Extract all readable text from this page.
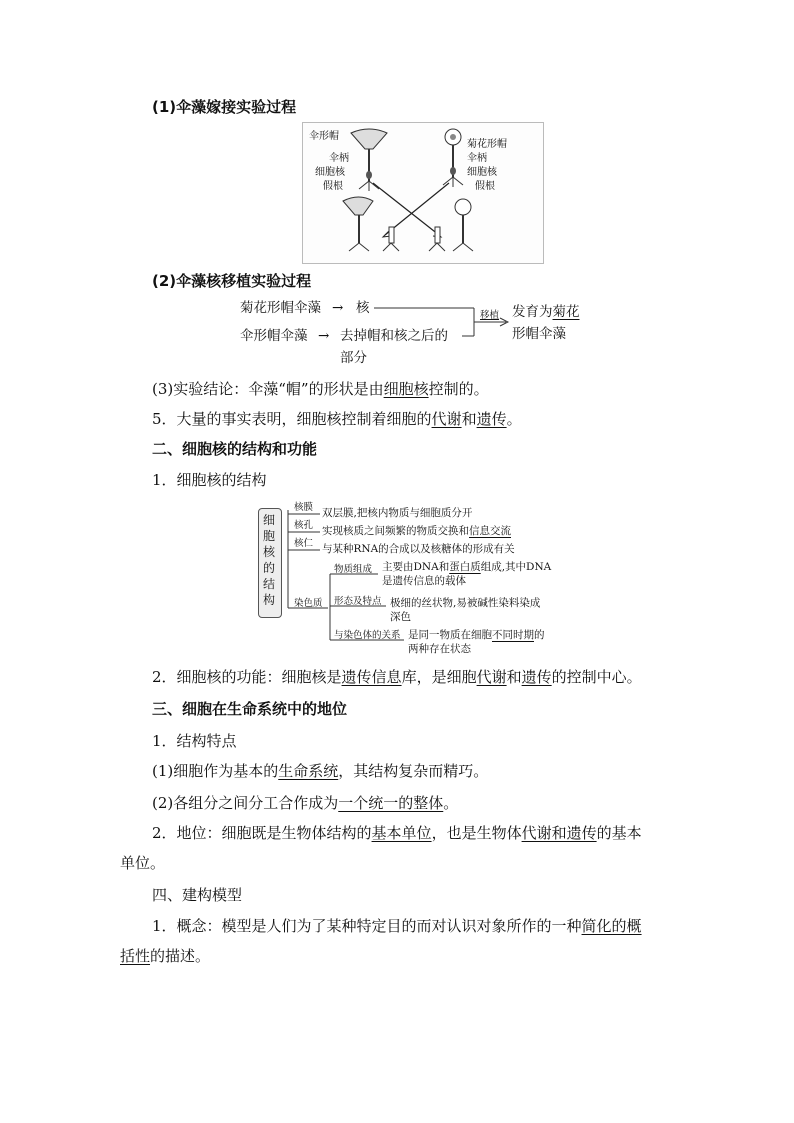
(1)伞藻嫁接实验过程
伞形帽
伞柄
细胞核
假根
菊花形帽
伞柄
细胞核
假根
(2)伞藻核移植实验过程
菊花形帽伞藻 → 核
伞形帽伞藻 → 去掉帽和核之后的
部分
移植 发育为菊花
形帽伞藻
(3)实验结论：伞藻“帽”的形状是由细胞核控制的。
5．大量的事实表明，细胞核控制着细胞的代谢和遗传。
二、细胞核的结构和功能
1．细胞核的结构
细
胞
核
的
结
构
核膜 双层膜,把核内物质与细胞质分开
核孔 实现核质之间频繁的物质交换和信息交流
核仁 与某种RNA的合成以及核糖体的形成有关
染色质
物质组成 主要由DNA和蛋白质组成,其中DNA
是遗传信息的载体
形态及特点 极细的丝状物,易被碱性染料染成
深色
与染色体的关系 是同一物质在细胞不同时期的
两种存在状态
2．细胞核的功能：细胞核是遗传信息库，是细胞代谢和遗传的控制中心。
三、细胞在生命系统中的地位
1．结构特点
(1)细胞作为基本的生命系统，其结构复杂而精巧。
(2)各组分之间分工合作成为一个统一的整体。
2．地位：细胞既是生物体结构的基本单位，也是生物体代谢和遗传的基本
单位。
四、建构模型
1．概念：模型是人们为了某种特定目的而对认识对象所作的一种简化的概
括性的描述。
